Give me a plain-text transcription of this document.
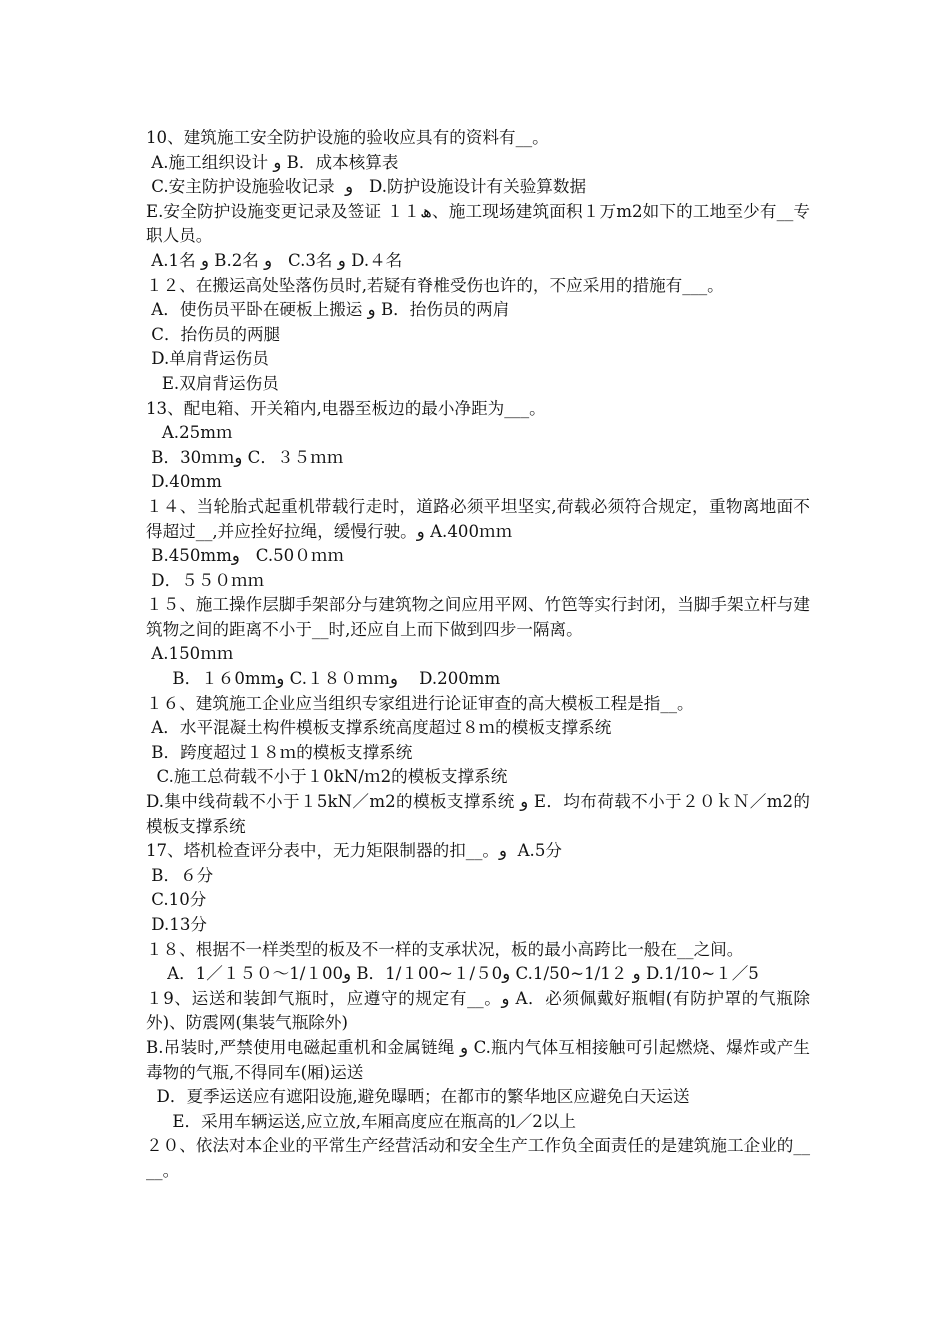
10、建筑施工安全防护设施的验收应具有的资料有__。
A.施工组织设计 و B．成本核算表
C.安主防护设施验收记录  و   D.防护设施设计有关验算数据
E.安全防护设施变更记录及签证 １１ھ、施工现场建筑面积１万m2如下的工地至少有__专职人员。
A.1名 و B.2名 و   C.3名 و D.４名
１２、在搬运高处坠落伤员时,若疑有脊椎受伤也许的，不应采用的措施有___。
A．使伤员平卧在硬板上搬运 و B．抬伤员的两肩
C．抬伤员的两腿
D.单肩背运伤员
E.双肩背运伤员
13、配电箱、开关箱内,电器至板边的最小净距为___。
A.25mｍ
B．30ｍｍو C．３５ｍｍ
D.40mm
１４、当轮胎式起重机带载行走时，道路必须平坦坚实,荷载必须符合规定，重物离地面不得超过__,并应拴好拉绳，缓慢行驶。و A.400ｍｍ
B.450mmو   C.50０ｍｍ
D．５５０ｍｍ
１５、施工操作层脚手架部分与建筑物之间应用平网、竹笆等实行封闭，当脚手架立杆与建筑物之间的距离不小于__时,还应自上而下做到四步一隔离。
A.150ｍｍ
B．１６0mmو C.１８０ｍｍو    D.200mm
１６、建筑施工企业应当组织专家组进行论证审查的高大模板工程是指__。
A．水平混凝土构件模板支撑系统高度超过８ｍ的模板支撑系统
B．跨度超过１８ｍ的模板支撑系统
C.施工总荷载不小于１0kN/ｍ2的模板支撑系统
D.集中线荷载不小于１5kN／m2的模板支撑系统 و E．均布荷载不小于２０ｋＮ／m2的模板支撑系统
17、塔机检查评分表中，无力矩限制器的扣__。و  A.5分
B．６分
C.10分
D.13分
１８、根据不一样类型的板及不一样的支承状况，板的最小高跨比一般在__之间。
A．1／１５０～1/１00و B．1/１00~１/５0و C.1/50~1/1２ و D.1/10~１／5
１9、运送和装卸气瓶时，应遵守的规定有__。و A．必须佩戴好瓶帽(有防护罩的气瓶除外)、防震网(集装气瓶除外)
B.吊装时,严禁使用电磁起重机和金属链绳 و C.瓶内气体互相接触可引起燃烧、爆炸或产生毒物的气瓶,不得同车(厢)运送
D．夏季运送应有遮阳设施,避免曝晒；在都市的繁华地区应避免白天运送
E．采用车辆运送,应立放,车厢高度应在瓶高的l／2以上
２０、依法对本企业的平常生产经营活动和安全生产工作负全面责任的是建筑施工企业的____。
